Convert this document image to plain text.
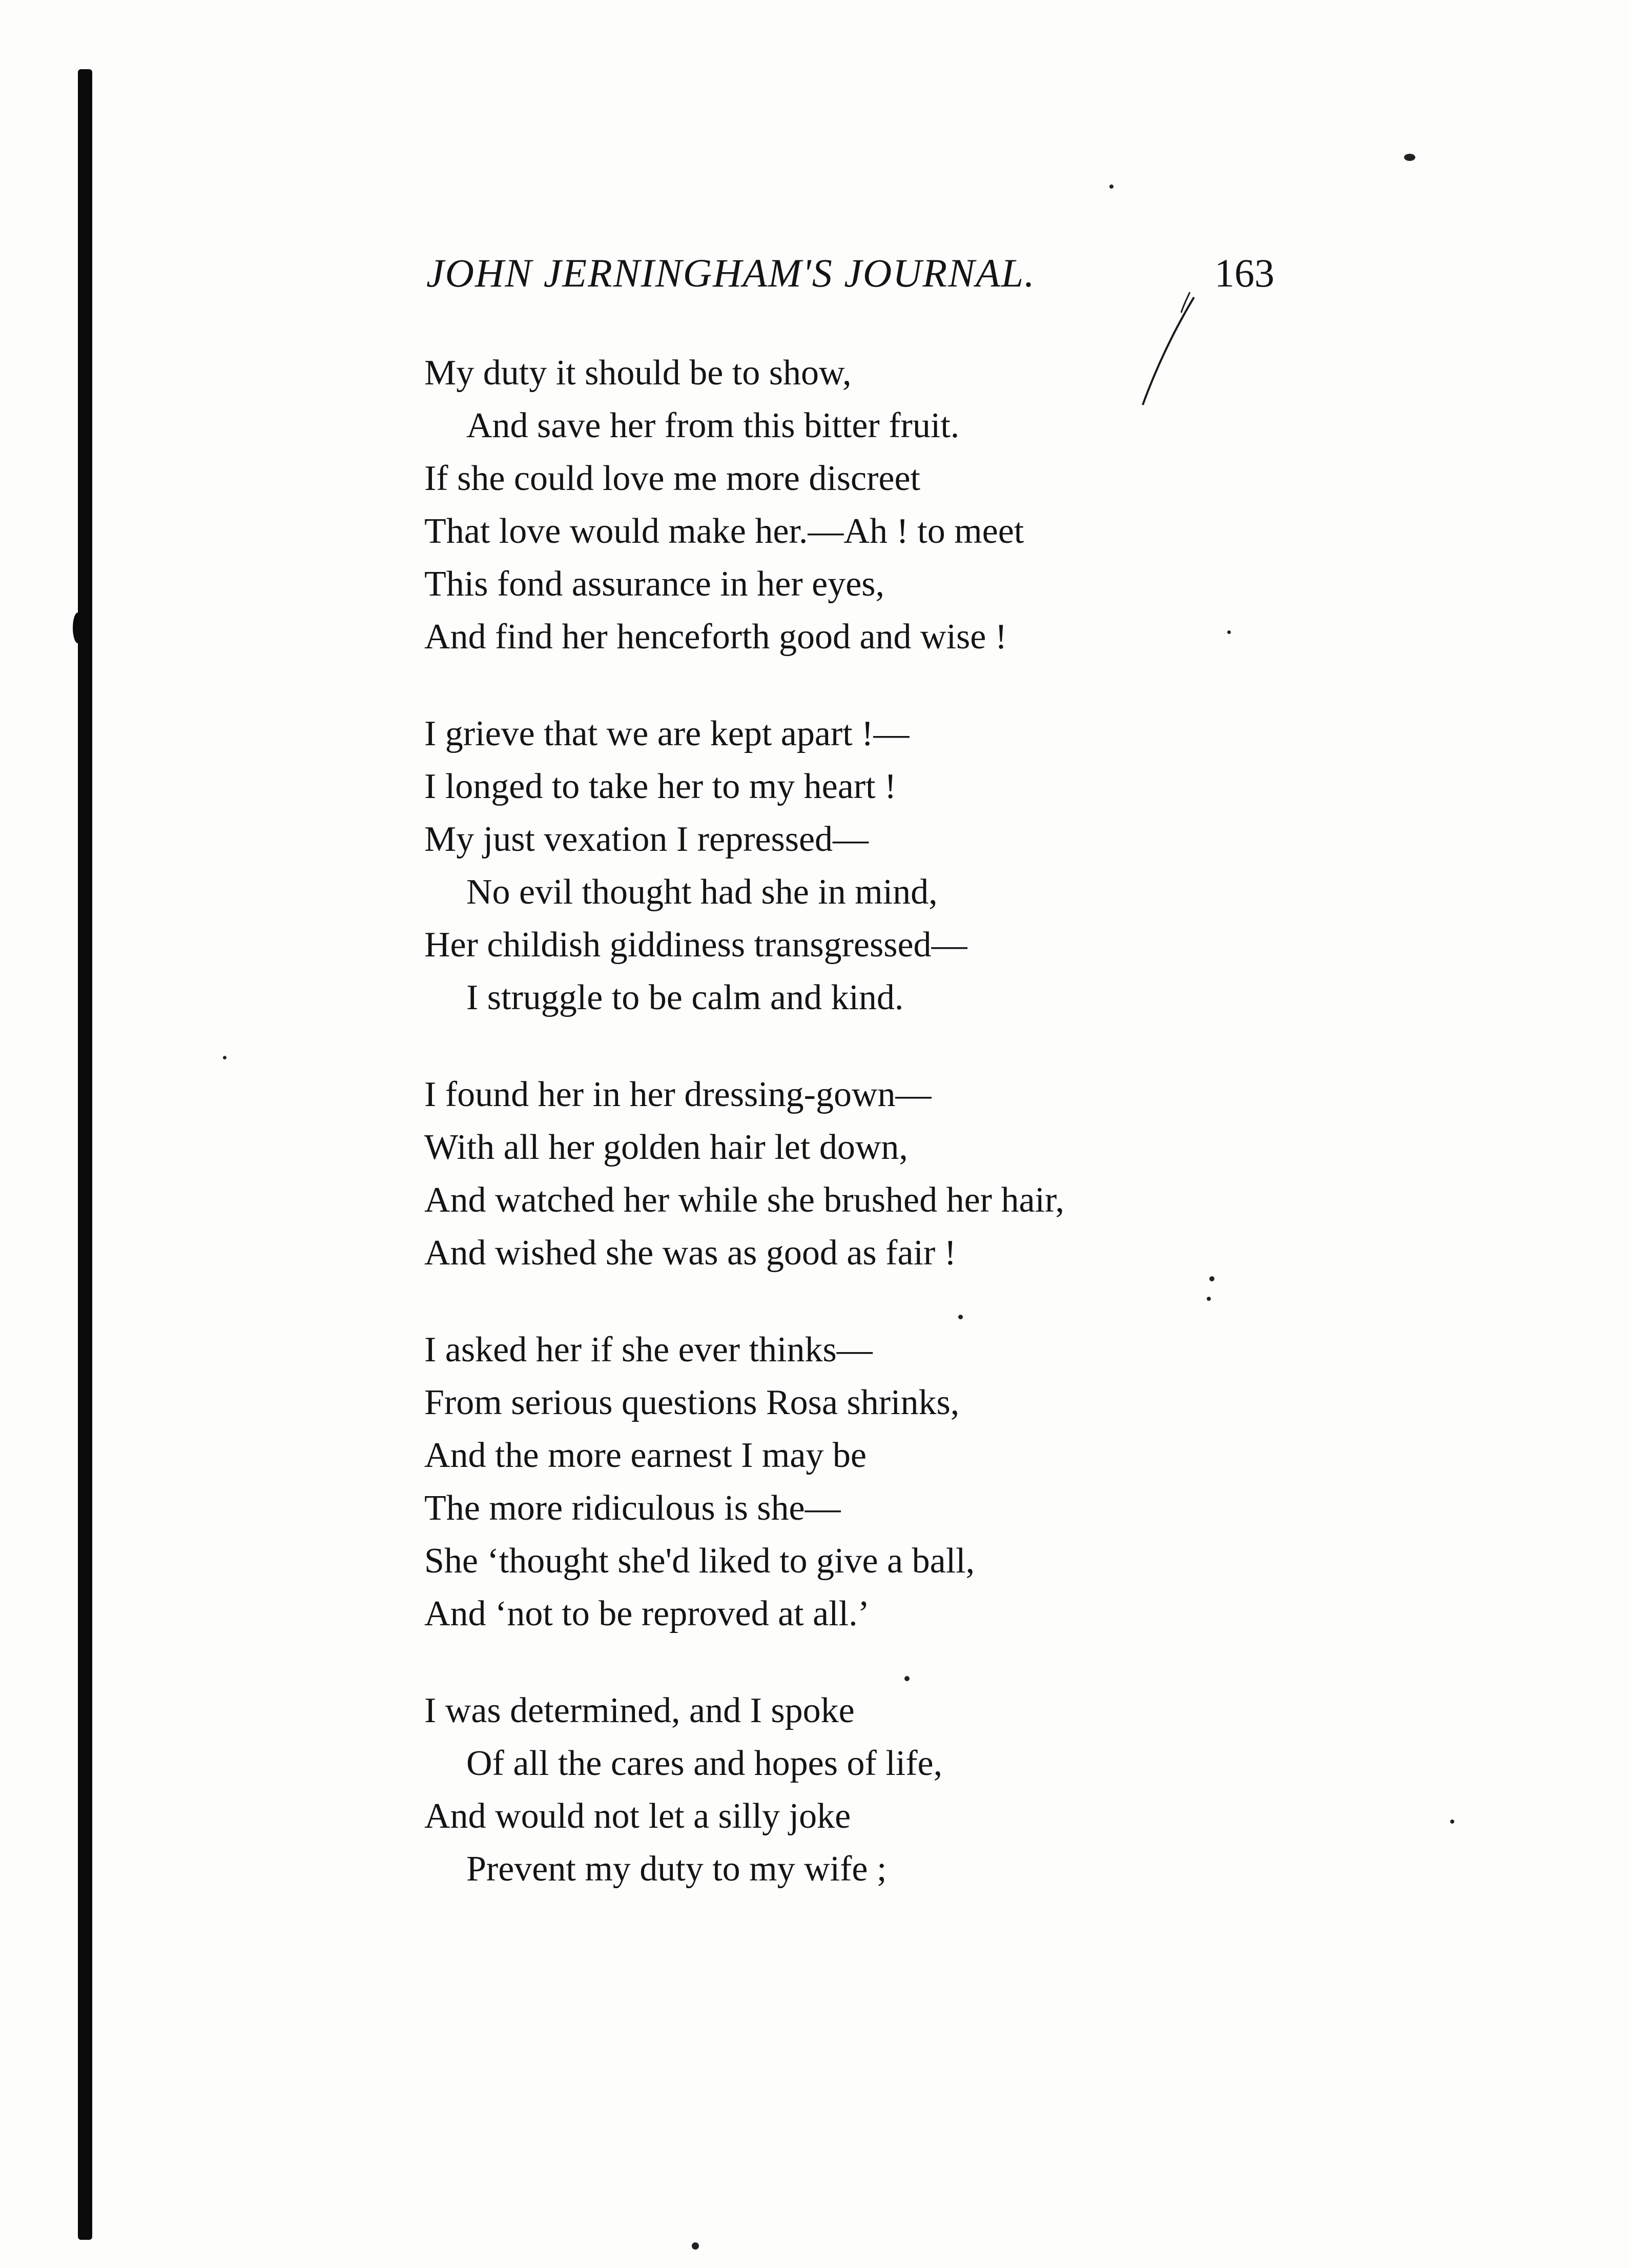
JOHN JERNINGHAM'S JOURNAL.	163
My duty it should be to show,
And save her from this bitter fruit.
If she could love me more discreet
That love would make her.—Ah ! to meet
This fond assurance in her eyes,
And find her henceforth good and wise !
I grieve that we are kept apart !—
I longed to take her to my heart !
My just vexation I repressed—
No evil thought had she in mind,
Her childish giddiness transgressed—
I struggle to be calm and kind.
I found her in her dressing-gown—
With all her golden hair let down,
And watched her while she brushed her hair,
And wished she was as good as fair !
I asked her if she ever thinks—
From serious questions Rosa shrinks,
And the more earnest I may be
The more ridiculous is she—
She ‘thought she'd liked to give a ball,
And ‘not to be reproved at all.’
I was determined, and I spoke
Of all the cares and hopes of life,
And would not let a silly joke
Prevent my duty to my wife ;
